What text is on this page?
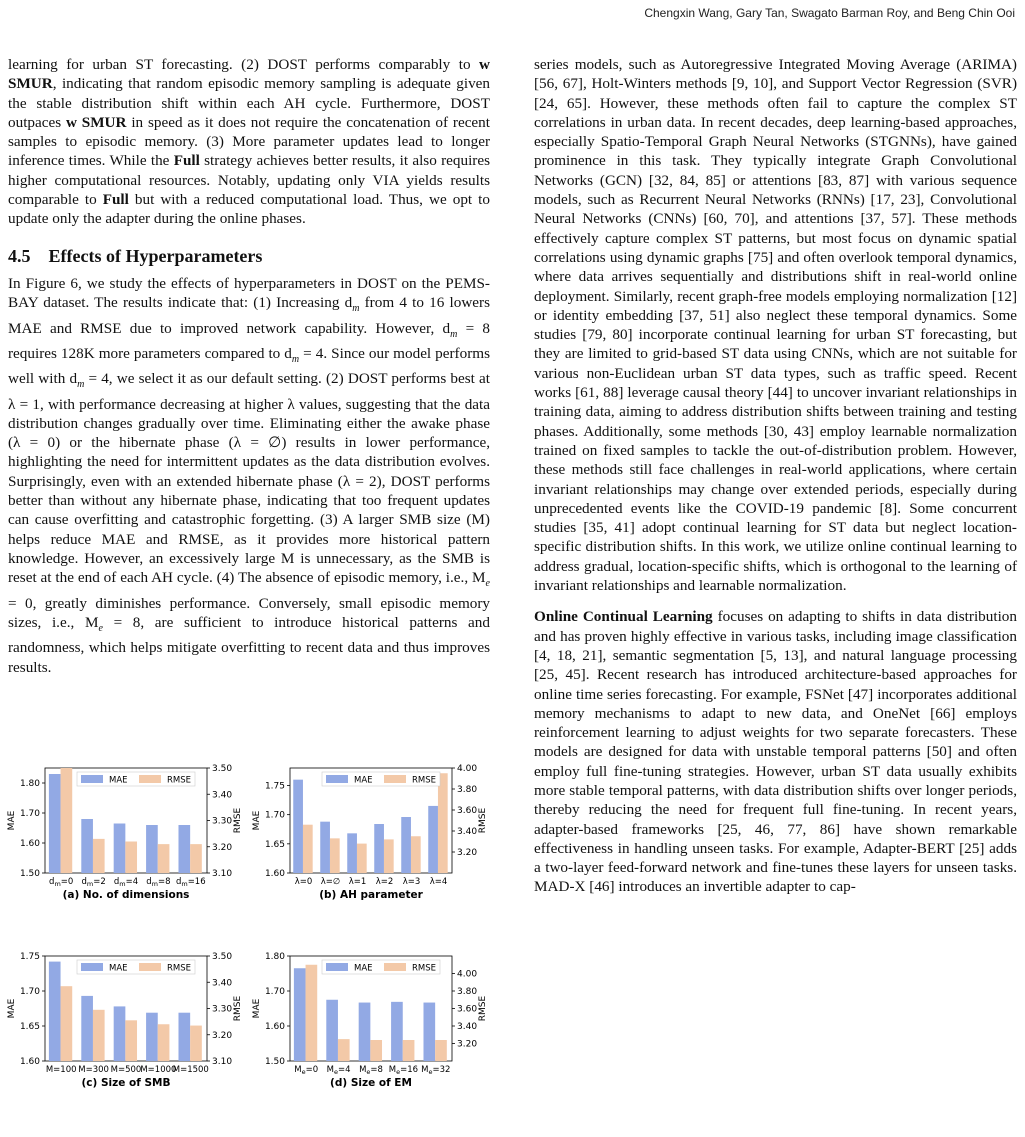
Chengxin Wang, Gary Tan, Swagato Barman Roy, and Beng Chin Ooi

learning for urban ST forecasting. (2) DOST performs comparably to w SMUR, indicating that random episodic memory sampling is adequate given the stable distribution shift within each AH cycle. Furthermore, DOST outpaces w SMUR in speed as it does not require the concatenation of recent samples to episodic memory. (3) More parameter updates lead to longer inference times. While the Full strategy achieves better results, it also requires higher computational resources. Notably, updating only VIA yields results comparable to Full but with a reduced computational load. Thus, we opt to update only the adapter during the online phases.

4.5 Effects of Hyperparameters

In Figure 6, we study the effects of hyperparameters in DOST on the PEMS-BAY dataset. The results indicate that: (1) Increasing $d_m$ from 4 to 16 lowers MAE and RMSE due to improved network capability. However, $d_m = 8$ requires 128K more parameters compared to $d_m = 4$. Since our model performs well with $d_m = 4$, we select it as our default setting. (2) DOST performs best at λ = 1, with performance decreasing at higher λ values, suggesting that the data distribution changes gradually over time. Eliminating either the awake phase (λ = 0) or the hibernate phase (λ = ∅) results in lower performance, highlighting the need for intermittent updates as the data distribution evolves. Surprisingly, even with an extended hibernate phase (λ = 2), DOST performs better than without any hibernate phase, indicating that too frequent updates can cause overfitting and catastrophic forgetting. (3) A larger SMB size (M) helps reduce MAE and RMSE, as it provides more historical pattern knowledge. However, an excessively large M is unnecessary, as the SMB is reset at the end of each AH cycle. (4) The absence of episodic memory, i.e., $M_e = 0$, greatly diminishes performance. Conversely, small episodic memory sizes, i.e., $M_e = 8$, are sufficient to introduce historical patterns and randomness, which helps mitigate overfitting to recent data and thus improves results.

series models, such as Autoregressive Integrated Moving Average (ARIMA) [56, 67], Holt-Winters methods [9, 10], and Support Vector Regression (SVR) [24, 65]. However, these methods often fail to capture the complex ST correlations in urban data. In recent decades, deep learning-based approaches, especially Spatio-Temporal Graph Neural Networks (STGNNs), have gained prominence in this task. They typically integrate Graph Convolutional Networks (GCN) [32, 84, 85] or attentions [83, 87] with various sequence models, such as Recurrent Neural Networks (RNNs) [17, 23], Convolutional Neural Networks (CNNs) [60, 70], and attentions [37, 57]. These methods effectively capture complex ST patterns, but most focus on dynamic spatial correlations using dynamic graphs [75] and often overlook temporal dynamics, where data arrives sequentially and distributions shift in real-world online deployment. Similarly, recent graph-free models employing normalization [12] or identity embedding [37, 51] also neglect these temporal dynamics. Some studies [79, 80] incorporate continual learning for urban ST forecasting, but they are limited to grid-based ST data using CNNs, which are not suitable for various non-Euclidean urban ST data types, such as traffic speed. Recent works [61, 88] leverage causal theory [44] to uncover invariant relationships in training data, aiming to address distribution shifts between training and testing phases. Additionally, some methods [30, 43] employ learnable normalization trained on fixed samples to tackle the out-of-distribution problem. However, these methods still face challenges in real-world applications, where certain invariant relationships may change over extended periods, especially during unprecedented events like the COVID-19 pandemic [8]. Some concurrent studies [35, 41] adopt continual learning for ST data but neglect location-specific distribution shifts. In this work, we utilize online continual learning to address gradual, location-specific shifts, which is orthogonal to the learning of invariant relationships and learnable normalization.

Online Continual Learning focuses on adapting to shifts in data distribution and has proven highly effective in various tasks, including image classification [4, 18, 21], semantic segmentation [5, 13], and natural language processing [25, 45]. Recent research has introduced architecture-based approaches for online time series forecasting. For example, FSNet [47] incorporates additional memory mechanisms to adapt to new data, and OneNet [66] employs reinforcement learning to adjust weights for two separate forecasters. These models are designed for data with unstable temporal patterns [50] and often employ full fine-tuning strategies. However, urban ST data usually exhibits more stable temporal patterns, with data distribution shifts over longer periods, thereby reducing the need for frequent full fine-tuning. In recent years, adapter-based frameworks [25, 46, 77, 86] have shown remarkable effectiveness in handling unseen tasks. For example, Adapter-BERT [25] adds a two-layer feed-forward network and fine-tunes these layers for unseen tasks. MAD-X [46] introduces an invertible adapter to cap-

1.50
1.60
1.70
1.80
3.10
3.20
3.30
3.40
3.50
MAE	RMSE
$d_m=0$ $d_m=2$ $d_m=4$ $d_m=8$ $d_m=16$
(a) No. of dimensions
MAE	RMSE
1.60
1.65
1.70
1.75
3.20
3.40
3.60
3.80
4.00
MAE	RMSE
λ=0 λ=∅ λ=1 λ=2 λ=3 λ=4
(b) AH parameter
MAE	RMSE
1.60
1.65
1.70
1.75
3.10
3.20
3.30
3.40
3.50
MAE	RMSE
M=100 M=300 M=500 M=1000
M=1500
(c) Size of SMB
MAE	RMSE
1.50
1.60
1.70
1.80
3.20
3.40
3.60
3.80
4.00
MAE	RMSE
$M_e=0$ $M_e=4$ $M_e=8$ $M_e=16$ $M_e=32$
(d) Size of EM
MAE	RMSE
